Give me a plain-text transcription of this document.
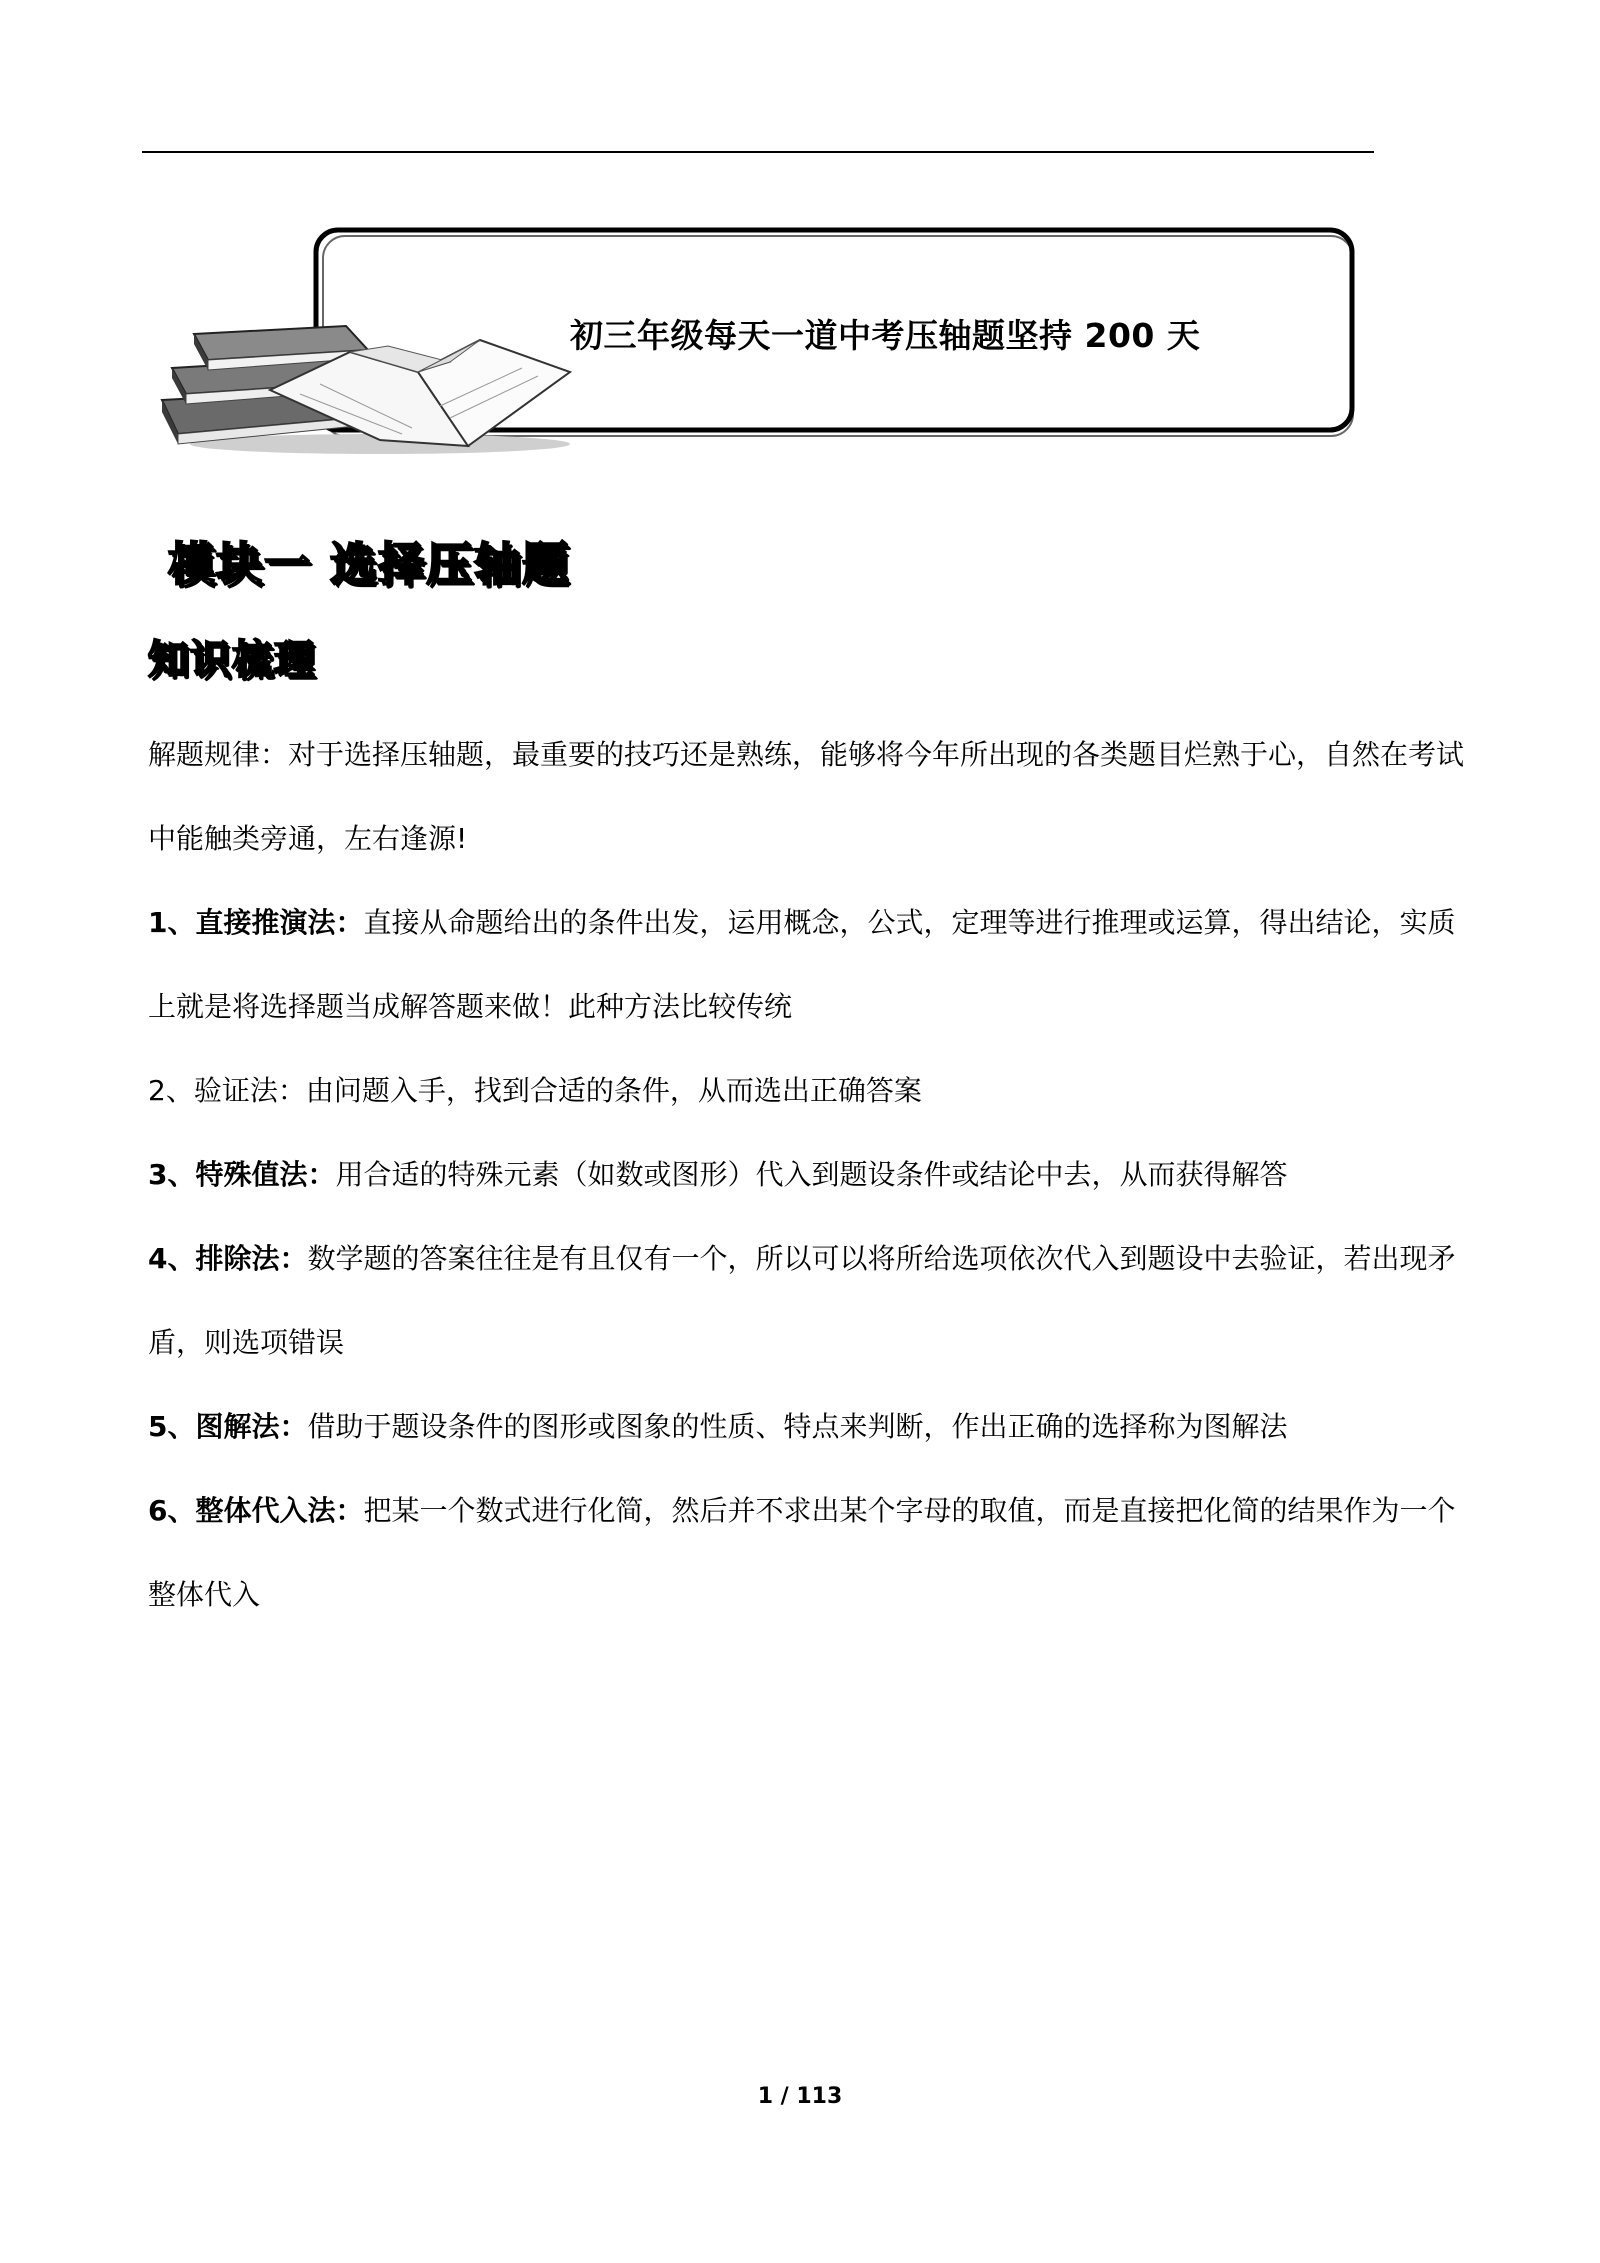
初三年级每天一道中考压轴题坚持 200 天
模块一 选择压轴题
知识梳理

解题规律：对于选择压轴题，最重要的技巧还是熟练，能够将今年所出现的各类题目烂熟于心，自然在考试中能触类旁通，左右逢源!

1、直接推演法：直接从命题给出的条件出发，运用概念，公式，定理等进行推理或运算，得出结论，实质上就是将选择题当成解答题来做！此种方法比较传统

2、验证法：由问题入手，找到合适的条件，从而选出正确答案

3、特殊值法：用合适的特殊元素（如数或图形）代入到题设条件或结论中去，从而获得解答

4、排除法：数学题的答案往往是有且仅有一个，所以可以将所给选项依次代入到题设中去验证，若出现矛盾，则选项错误

5、图解法：借助于题设条件的图形或图象的性质、特点来判断，作出正确的选择称为图解法

6、整体代入法：把某一个数式进行化简，然后并不求出某个字母的取值，而是直接把化简的结果作为一个整体代入

1 / 113
